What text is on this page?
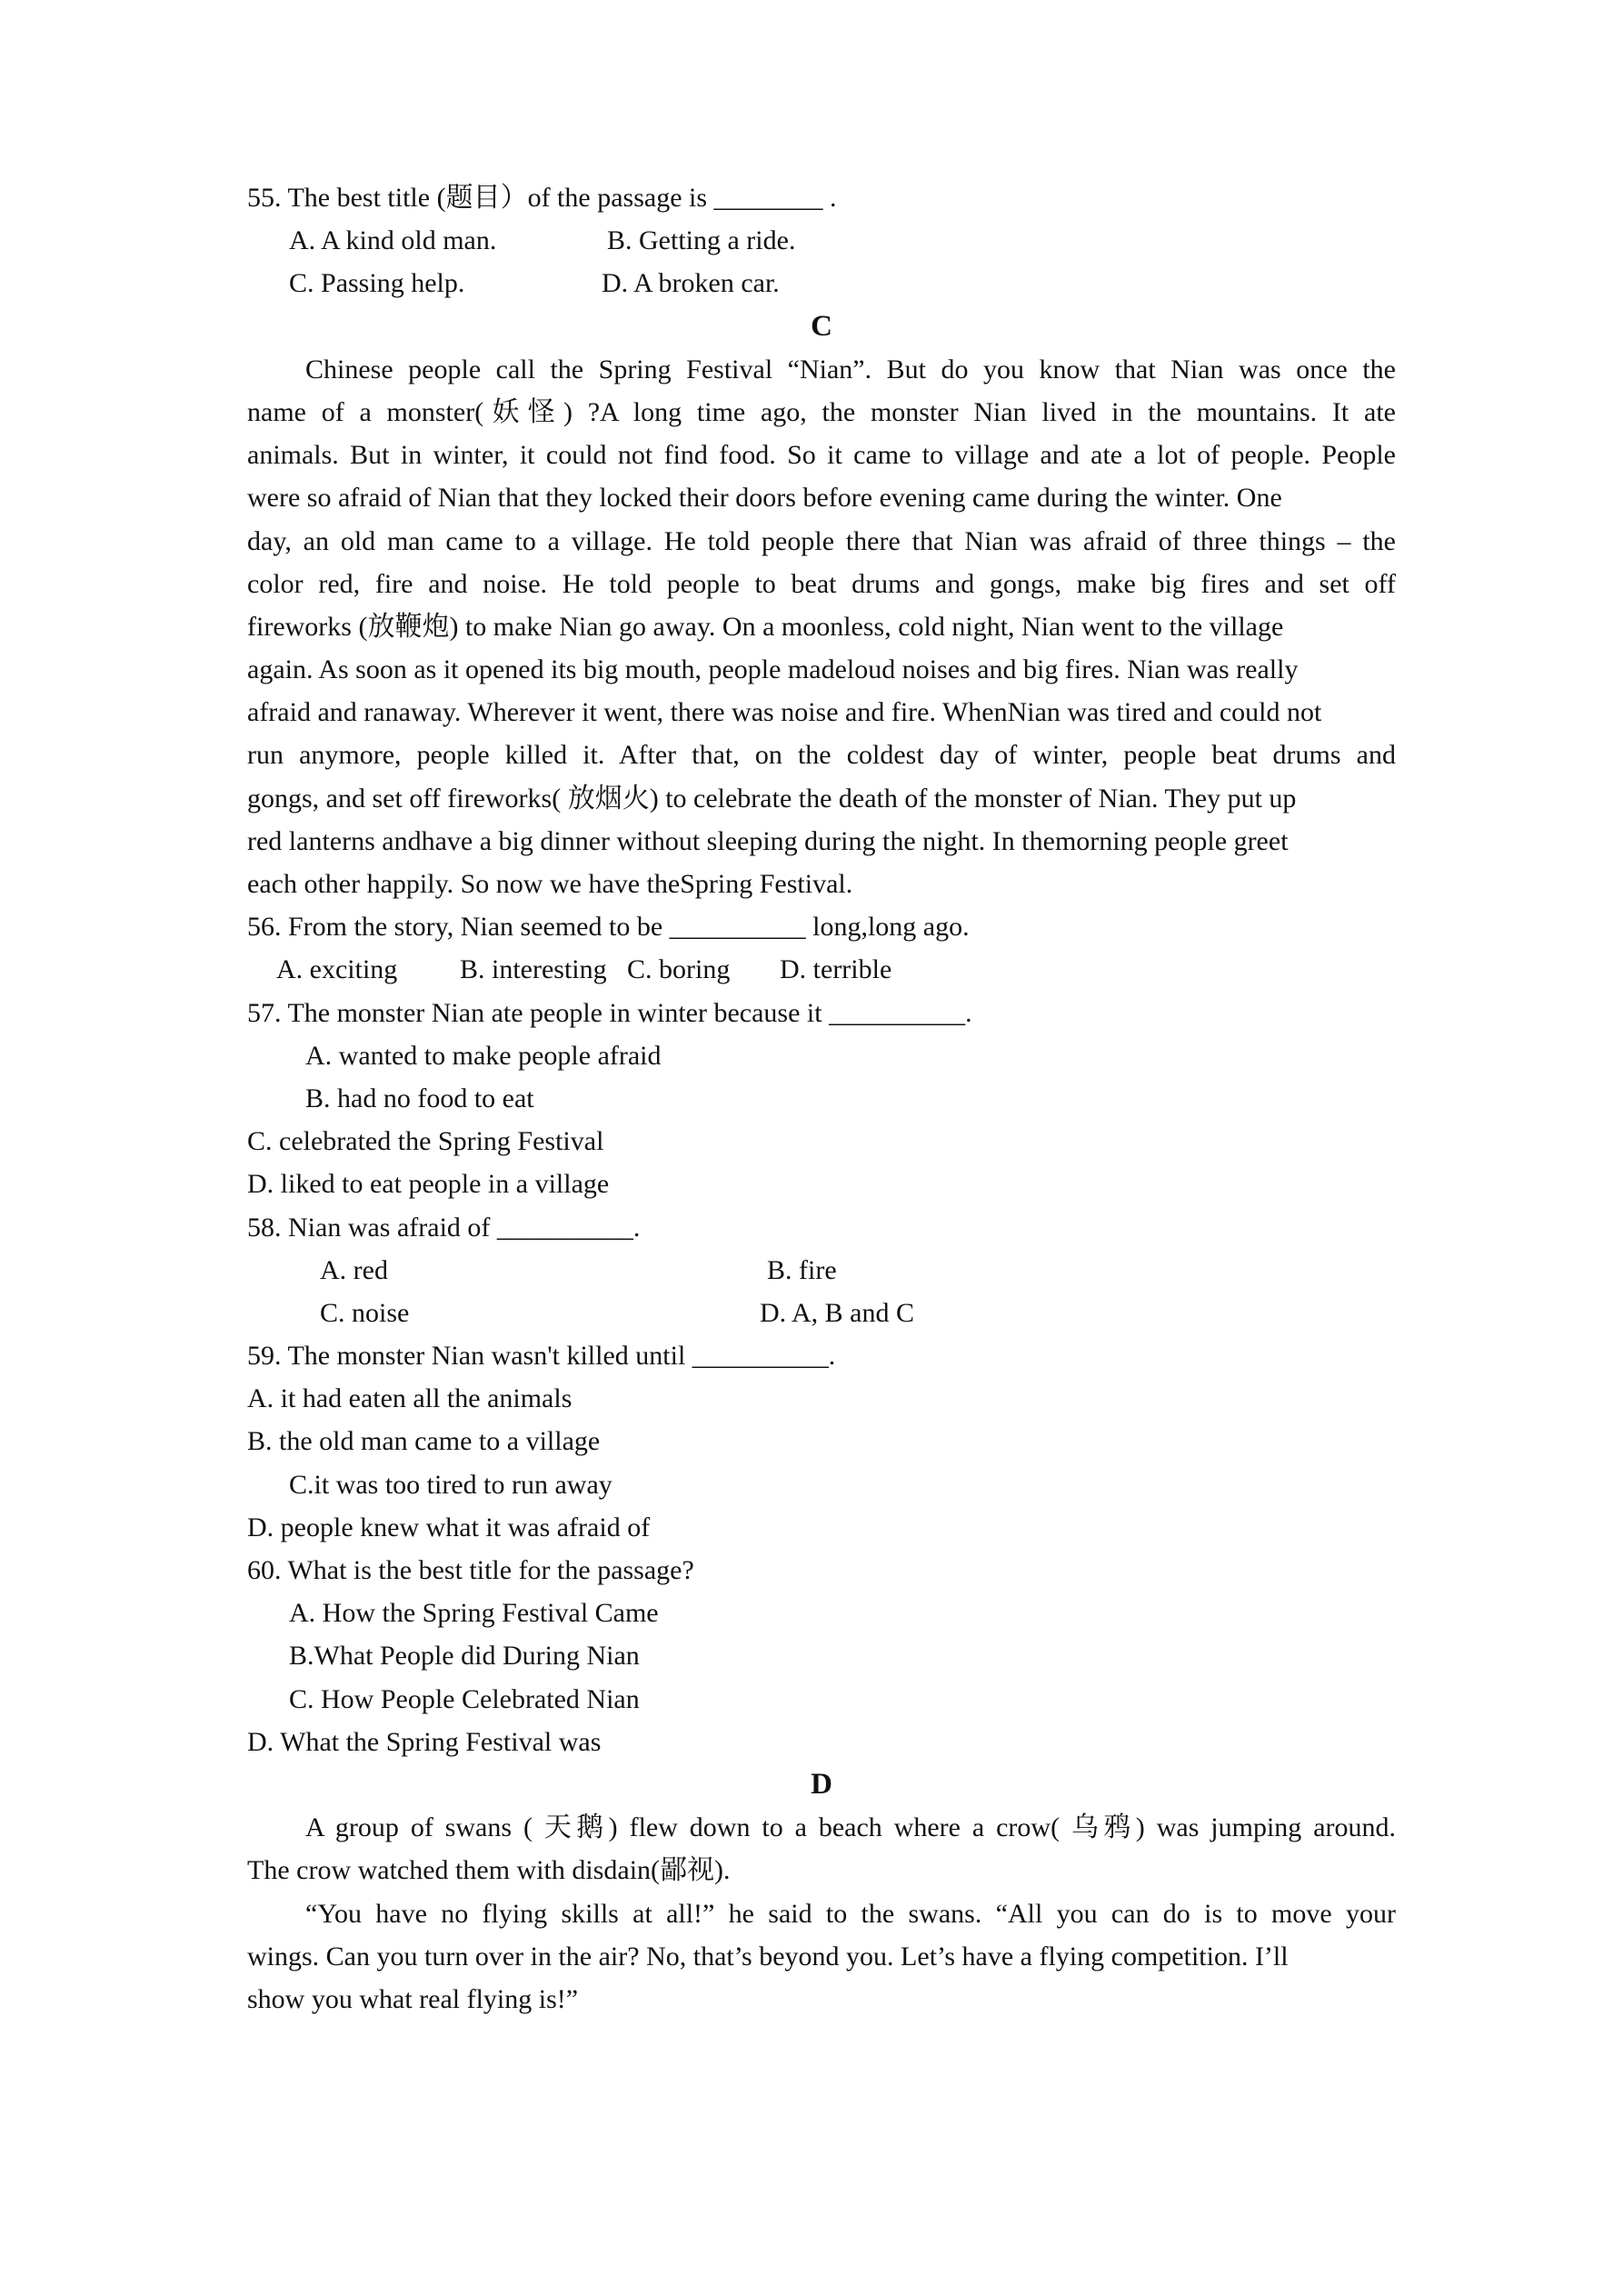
55. The best title (题目）of the passage is ________ .
A. A kind old man.	B. Getting a ride.
C. Passing help.	D. A broken car.
C
Chinese people call the Spring Festival “Nian”. But do you know that Nian was once the
name of a monster(妖怪) ?A long time ago, the monster Nian lived in the mountains. It ate
animals. But in winter, it could not find food. So it came to village and ate a lot of people. People
were so afraid of Nian that they locked their doors before evening came during the winter. One
day, an old man came to a village. He told people there that Nian was afraid of three things – the
color red, fire and noise. He told people to beat drums and gongs, make big fires and set off
fireworks (放鞭炮) to make Nian go away. On a moonless, cold night, Nian went to the village
again. As soon as it opened its big mouth, people madeloud noises and big fires. Nian was really
afraid and ranaway. Wherever it went, there was noise and fire. WhenNian was tired and could not
run anymore, people killed it. After that, on the coldest day of winter, people beat drums and
gongs, and set off fireworks( 放烟火) to celebrate the death of the monster of Nian. They put up
red lanterns andhave a big dinner without sleeping during the night. In themorning people greet
each other happily. So now we have theSpring Festival.
56. From the story, Nian seemed to be __________ long,long ago.
A. exciting B. interesting C. boring D. terrible
57. The monster Nian ate people in winter because it __________.
A. wanted to make people afraid
B. had no food to eat
C. celebrated the Spring Festival
D. liked to eat people in a village
58. Nian was afraid of __________.
A. red	B. fire
C. noise	D. A, B and C
59. The monster Nian wasn't killed until __________.
A. it had eaten all the animals
B. the old man came to a village
C.it was too tired to run away
D. people knew what it was afraid of
60. What is the best title for the passage?
A. How the Spring Festival Came
B.What People did During Nian
C. How People Celebrated Nian
D. What the Spring Festival was
D
A group of swans ( 天鹅) flew down to a beach where a crow( 乌鸦) was jumping around.
The crow watched them with disdain(鄙视).
“You have no flying skills at all!” he said to the swans. “All you can do is to move your
wings. Can you turn over in the air? No, that’s beyond you. Let’s have a flying competition. I’ll
show you what real flying is!”
